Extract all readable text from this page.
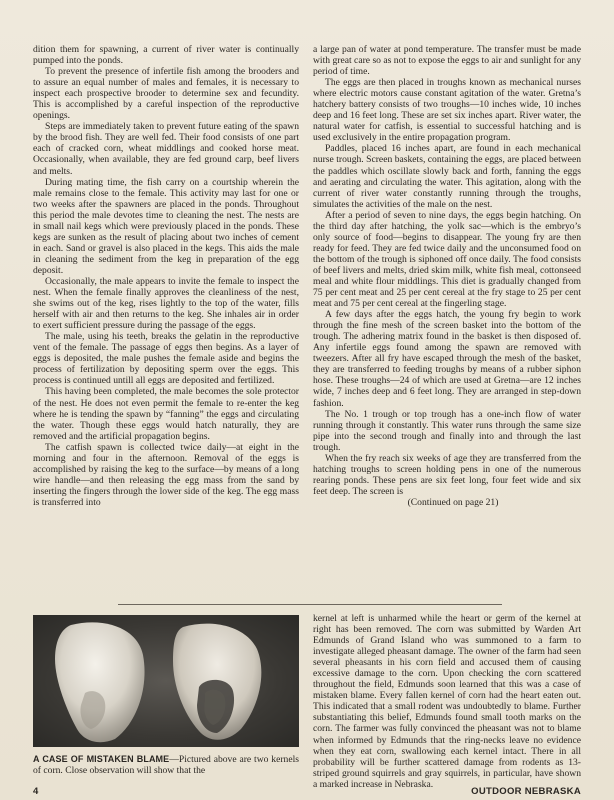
dition them for spawning, a current of river water is continually pumped into the ponds.

To prevent the presence of infertile fish among the brooders and to assure an equal number of males and females, it is necessary to inspect each prospective brooder to determine sex and fecundity. This is accomplished by a careful inspection of the reproductive openings.

Steps are immediately taken to prevent future eating of the spawn by the brood fish. They are well fed. Their food consists of one part each of cracked corn, wheat middlings and cooked horse meat. Occasionally, when available, they are fed ground carp, beef livers and melts.

During mating time, the fish carry on a courtship wherein the male remains close to the female. This activity may last for one or two weeks after the spawners are placed in the ponds. Throughout this period the male devotes time to cleaning the nest. The nests are in small nail kegs which were previously placed in the ponds. These kegs are sunken as the result of placing about two inches of cement in each. Sand or gravel is also placed in the kegs. This aids the male in cleaning the sediment from the keg in preparation of the egg deposit.

Occasionally, the male appears to invite the female to inspect the nest. When the female finally approves the cleanliness of the nest, she swims out of the keg, rises lightly to the top of the water, fills herself with air and then returns to the keg. She inhales air in order to exert sufficient pressure during the passage of the eggs.

The male, using his teeth, breaks the gelatin in the reproductive vent of the female. The passage of eggs then begins. As a layer of eggs is deposited, the male pushes the female aside and begins the process of fertilization by depositing sperm over the eggs. This process is continued untill all eggs are deposited and fertilized.

This having been completed, the male becomes the sole protector of the nest. He does not even permit the female to re-enter the keg where he is tending the spawn by “fanning” the eggs and circulating the water. Though these eggs would hatch naturally, they are removed and the artificial propagation begins.

The catfish spawn is collected twice daily—at eight in the morning and four in the afternoon. Removal of the eggs is accomplished by raising the keg to the surface—by means of a long wire handle—and then releasing the egg mass from the sand by inserting the fingers through the lower side of the keg. The egg mass is transferred into

a large pan of water at pond temperature. The transfer must be made with great care so as not to expose the eggs to air and sunlight for any period of time.

The eggs are then placed in troughs known as mechanical nurses where electric motors cause constant agitation of the water. Gretna’s hatchery battery consists of two troughs—10 inches wide, 10 inches deep and 16 feet long. These are set six inches apart. River water, the natural water for catfish, is essential to successful hatching and is used exclusively in the entire propagation program.

Paddles, placed 16 inches apart, are found in each mechanical nurse trough. Screen baskets, containing the eggs, are placed between the paddles which oscillate slowly back and forth, fanning the eggs and aerating and circulating the water. This agitation, along with the current of river water constantly running through the troughs, simulates the activities of the male on the nest.

After a period of seven to nine days, the eggs begin hatching. On the third day after hatching, the yolk sac—which is the embryo’s only source of food—begins to disappear. The young fry are then ready for feed. They are fed twice daily and the unconsumed food on the bottom of the trough is siphoned off once daily. The food consists of beef livers and melts, dried skim milk, white fish meal, cottonseed meal and white flour middlings. This diet is gradually changed from 75 per cent meat and 25 per cent cereal at the fry stage to 25 per cent meat and 75 per cent cereal at the fingerling stage.

A few days after the eggs hatch, the young fry begin to work through the fine mesh of the screen basket into the bottom of the trough. The adhering matrix found in the basket is then disposed of. Any infertile eggs found among the spawn are removed with tweezers. After all fry have escaped through the mesh of the basket, they are transferred to feeding troughs by means of a rubber siphon hose. These troughs—24 of which are used at Gretna—are 12 inches wide, 7 inches deep and 6 feet long. They are arranged in step-down fashion.

The No. 1 trough or top trough has a one-inch flow of water running through it constantly. This water runs through the same size pipe into the second trough and finally into and through the last trough.

When the fry reach six weeks of age they are transferred from the hatching troughs to screen holding pens in one of the numerous rearing ponds. These pens are six feet long, four feet wide and six feet deep. The screen is

(Continued on page 21)

A CASE OF MISTAKEN BLAME—Pictured above are two kernels of corn. Close observation will show that the

kernel at left is unharmed while the heart or germ of the kernel at right has been removed. The corn was submitted by Warden Art Edmunds of Grand Island who was summoned to a farm to investigate alleged pheasant damage. The owner of the farm had seen several pheasants in his corn field and accused them of causing excessive damage to the corn. Upon checking the corn scattered throughout the field, Edmunds soon learned that this was a case of mistaken blame. Every fallen kernel of corn had the heart eaten out. This indicated that a small rodent was undoubtedly to blame. Further substantiating this belief, Edmunds found small tooth marks on the corn. The farmer was fully convinced the pheasant was not to blame when informed by Edmunds that the ring-necks leave no evidence when they eat corn, swallowing each kernel intact. There in all probability will be further scattered damage from rodents as 13-striped ground squirrels and gray squirrels, in particular, have shown a marked increase in Nebraska.

4	OUTDOOR NEBRASKA
